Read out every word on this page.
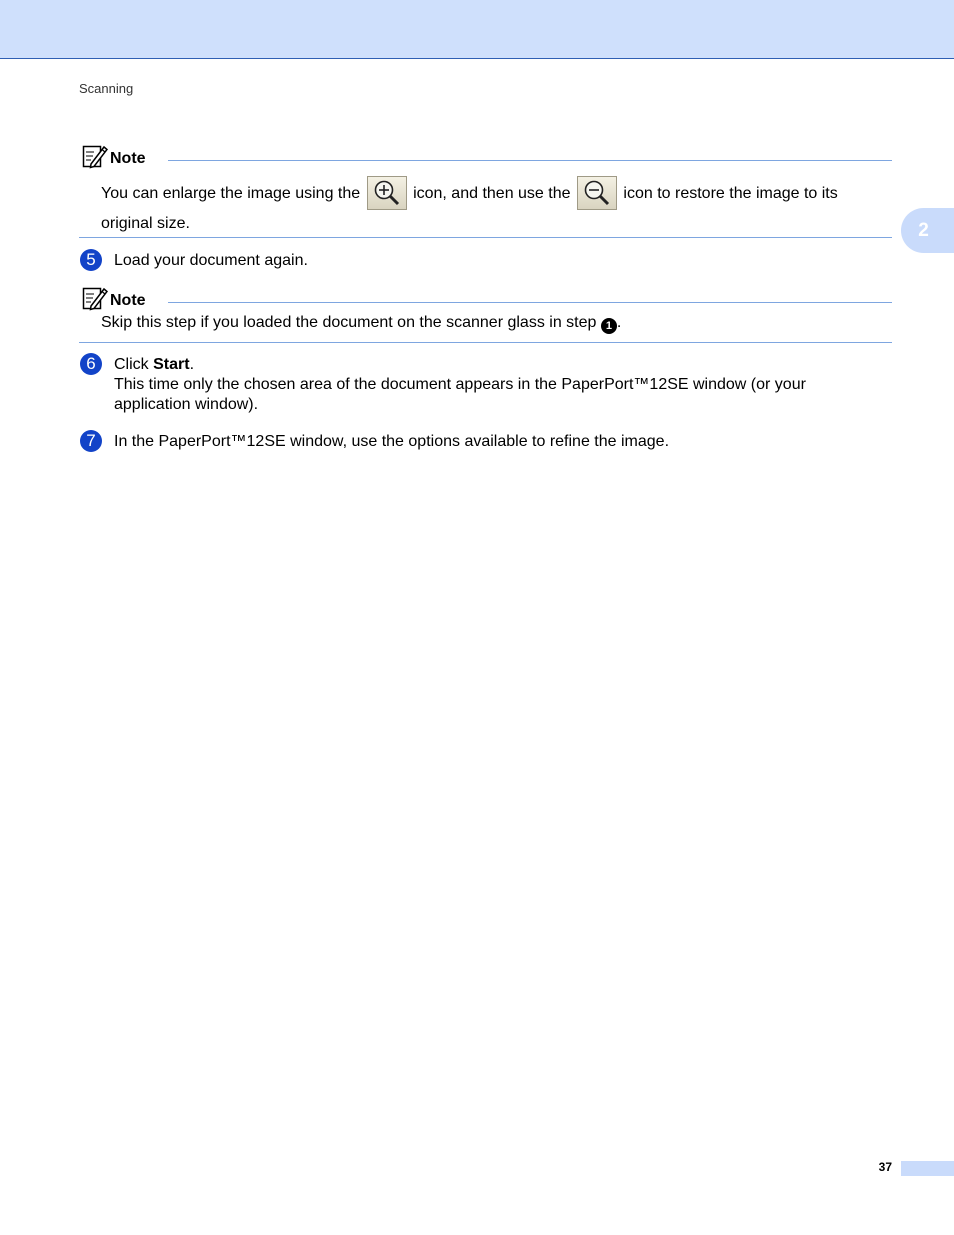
Scanning
2
Note
You can enlarge the image using the	icon, and then use the	icon to restore the image to its original size.
5	Load your document again.
Note
Skip this step if you loaded the document on the scanner glass in step 1 .
6	Click Start.
This time only the chosen area of the document appears in the PaperPort™12SE window (or your application window).
7	In the PaperPort™12SE window, use the options available to refine the image.
37
